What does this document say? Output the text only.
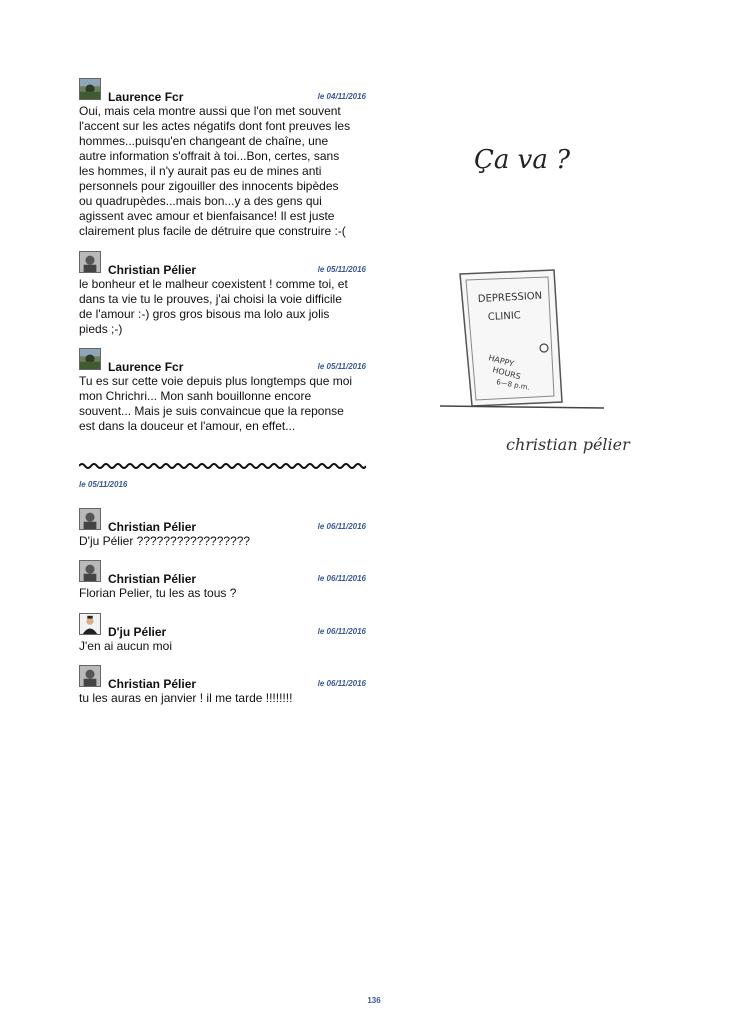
Laurence Fcr	le 04/11/2016

Oui, mais cela montre aussi que l'on met souvent
l'accent sur les actes négatifs dont font preuves les
hommes...puisqu'en changeant de chaîne, une
autre information s'offrait à toi...Bon, certes, sans
les hommes, il n'y aurait pas eu de mines anti
personnels pour zigouiller des innocents bipèdes
ou quadrupèdes...mais bon...y a des gens qui
agissent avec amour et bienfaisance! Il est juste
clairement plus facile de détruire que construire :-(

Christian Pélier	le 05/11/2016

le bonheur et le malheur coexistent ! comme toi, et
dans ta vie tu le prouves, j'ai choisi la voie difficile
de l'amour :-) gros gros bisous ma lolo aux jolis
pieds ;-)

Laurence Fcr	le 05/11/2016

Tu es sur cette voie depuis plus longtemps que moi
mon Chrichri... Mon sanh bouillonne encore
souvent... Mais je suis convaincue que la reponse
est dans la douceur et l'amour, en effet...

le 05/11/2016
Christian Pélier	le 06/11/2016

D'ju Pélier ?????????????????

Christian Pélier	le 06/11/2016

Florian Pelier, tu les as tous ?

D'ju Pélier	le 06/11/2016

J'en ai aucun moi

Christian Pélier	le 06/11/2016

tu les auras en janvier ! il me tarde !!!!!!!!

Ça va ?
DEPRESSION
CLINIC
HAPPY
HOURS
6—8 p.m.
christian pélier
136
